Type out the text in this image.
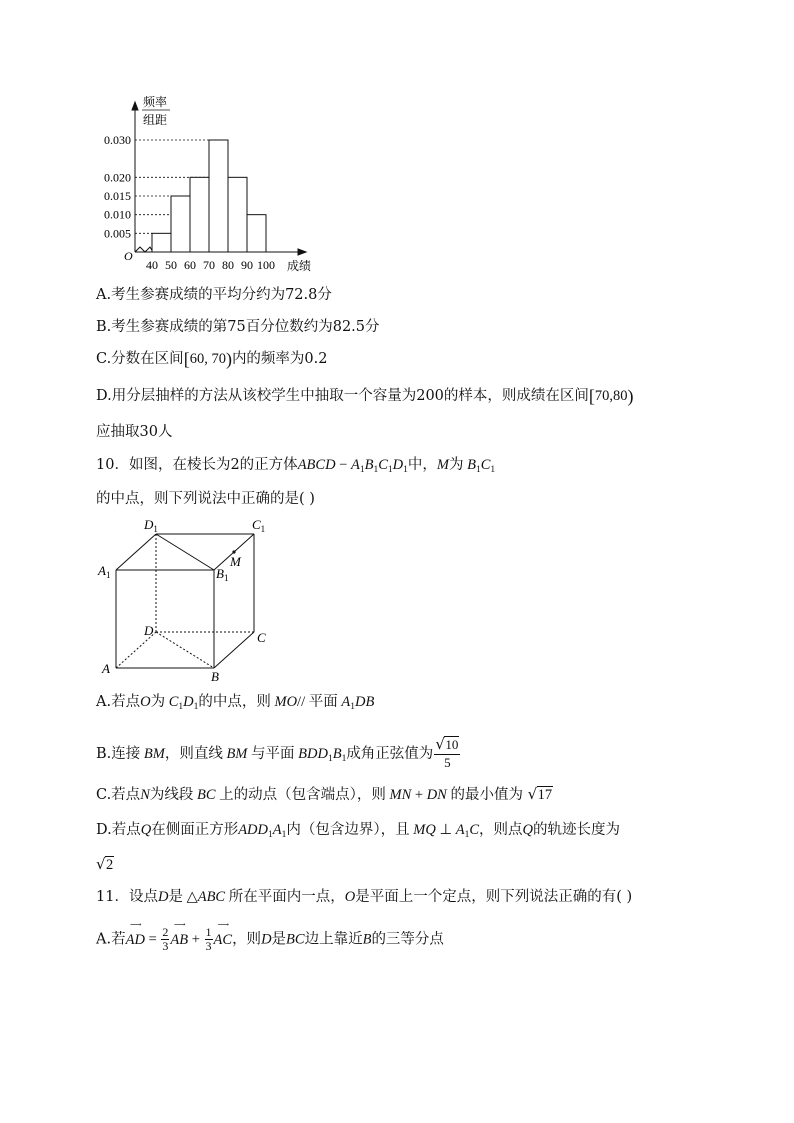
频率
组距
O
成绩
0.030
0.020
0.015
0.010
0.005
40 50 60 70 80 90 100
A.考生参赛成绩的平均分约为72.8分
B.考生参赛成绩的第75百分位数约为82.5分
C.分数在区间[60, 70)内的频率为0.2
D.用分层抽样的方法从该校学生中抽取一个容量为200的样本，则成绩在区间[70,80)
应抽取30人
10．如图，在棱长为2的正方体ABCD − $A_1B_1C_1D_1$中，M为 $B_1C_1$
的中点，则下列说法中正确的是( )
$D_1$	$C_1$
$A_1$	$B_1$
M
D	C
A
B
A.若点O为 $C_1D_1$的中点，则 MO// 平面 $A_1DB$
B.连接 BM，则直线 BM 与平面 $BDD_1B_1$成角正弦值为 $\frac{√ 10}{5}$
C.若点N为线段 BC 上的动点（包含端点），则 MN + DN 的最小值为 √ 17
D.若点Q在侧面正方形$ADD_1A_1$内（包含边界），且 MQ ⊥ $A_1C$，则点Q的轨迹长度为
√ 2
11．设点D是 △ABC 所在平面内一点，O是平面上一个定点，则下列说法正确的有( )
A.若
⟶
AD = $\frac{2}{3}$
⟶
AB + $\frac{1}{3}$
⟶
AC，则D是BC边上靠近B的三等分点
